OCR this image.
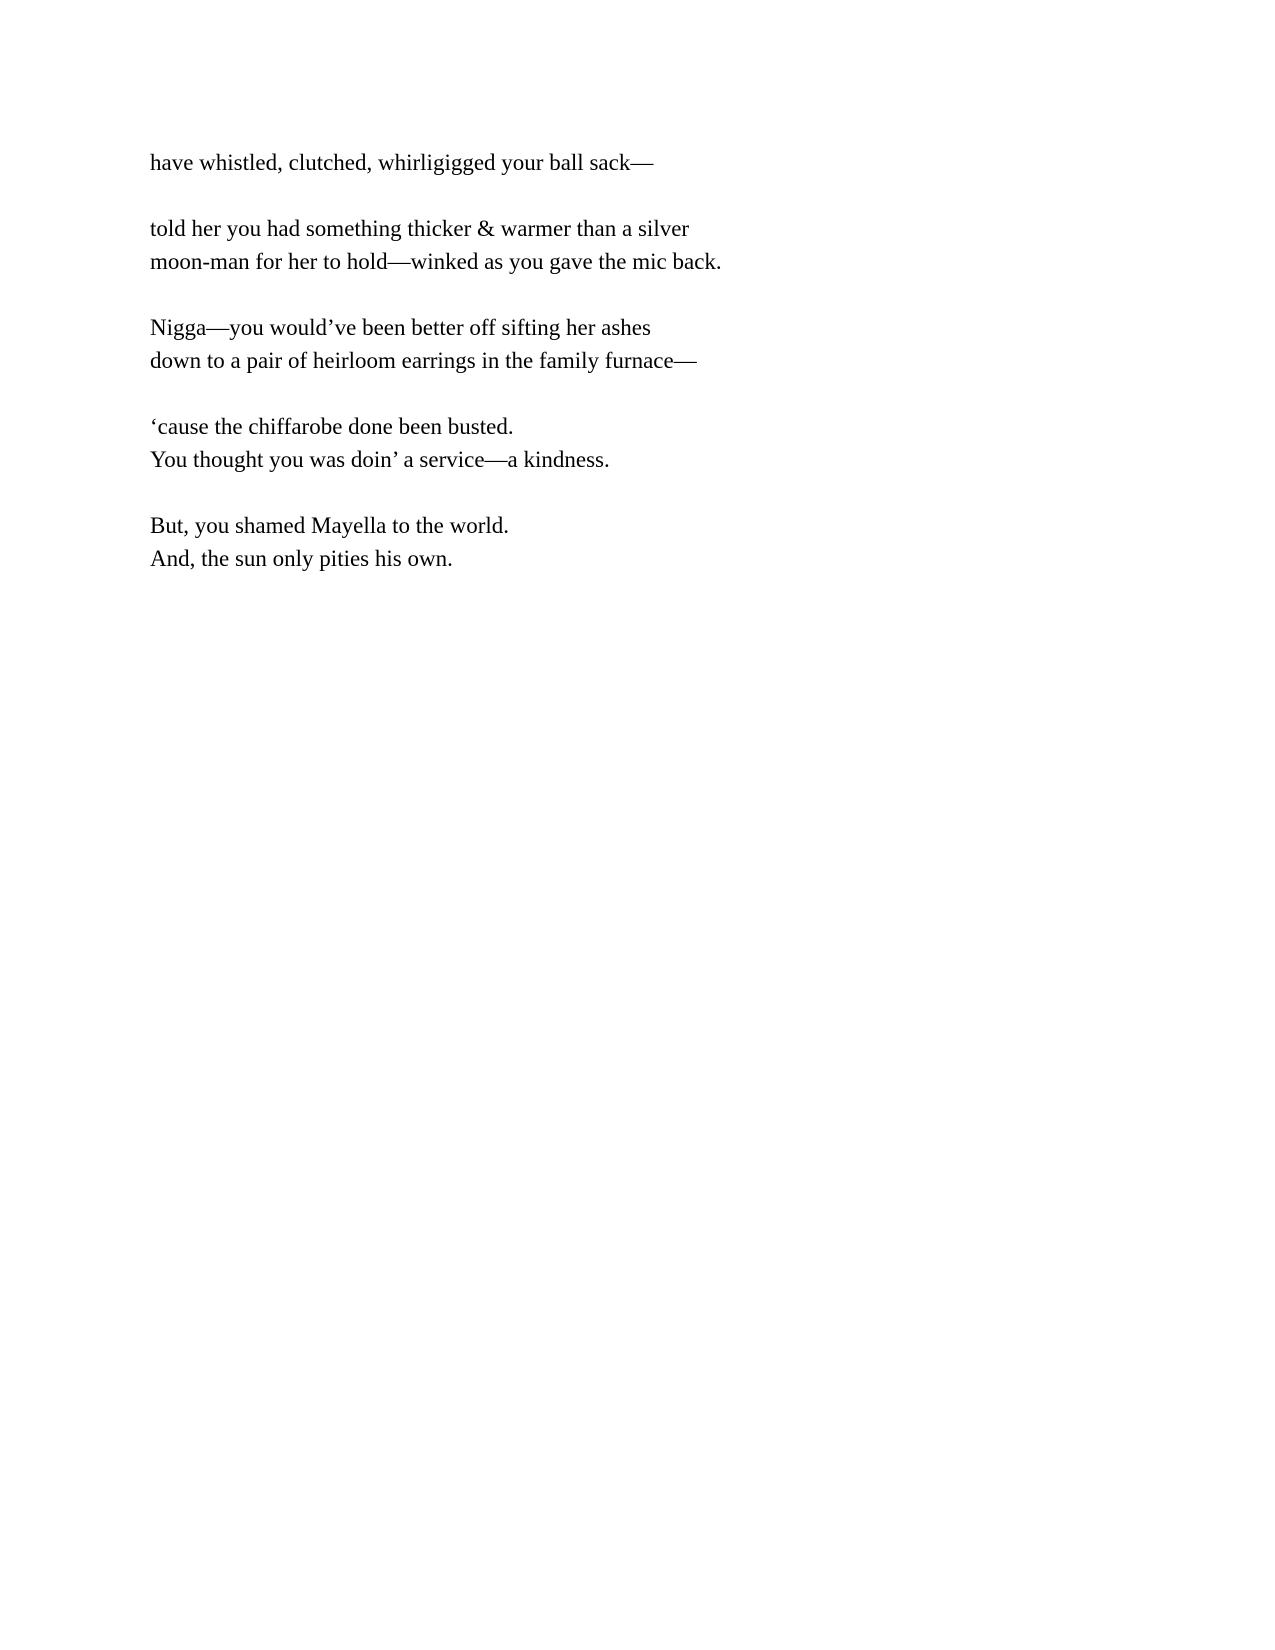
have whistled, clutched, whirligigged your ball sack—
told her you had something thicker & warmer than a silver
moon-man for her to hold—winked as you gave the mic back.
Nigga—you would’ve been better off sifting her ashes
down to a pair of heirloom earrings in the family furnace—
‘cause the chiffarobe done been busted.
You thought you was doin’ a service—a kindness.
But, you shamed Mayella to the world.
And, the sun only pities his own.
